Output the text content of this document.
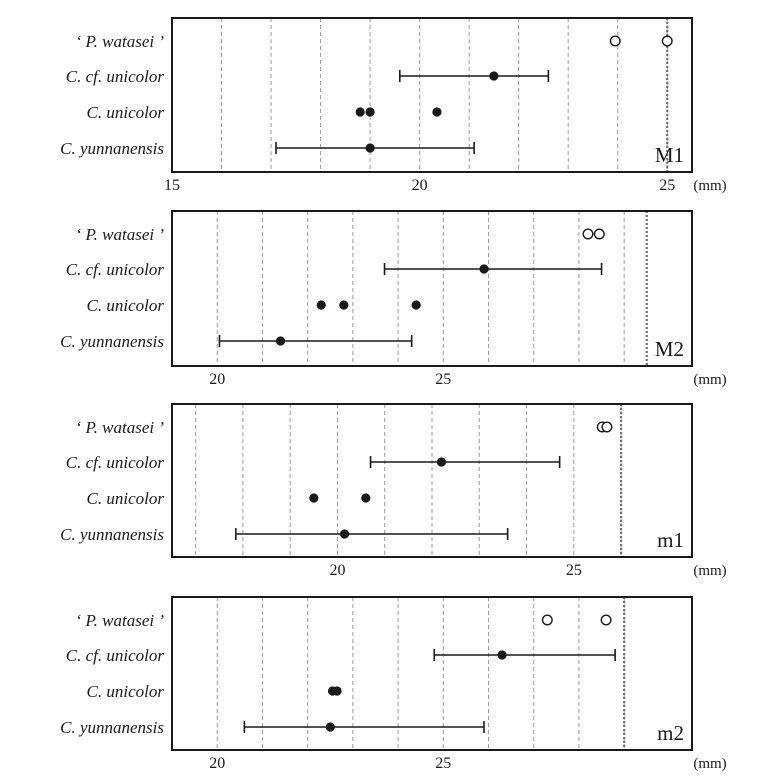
‘ P. watasei ’
C. cf. unicolor
C. unicolor
C. yunnanensis	M1
15	20	25 (mm)
‘ P. watasei ’
C. cf. unicolor
C. unicolor
C. yunnanensis	M2
20	25	(mm)
‘ P. watasei ’
C. cf. unicolor
C. unicolor
C. yunnanensis	m1
20	25	(mm)
‘ P. watasei ’
C. cf. unicolor
C. unicolor
C. yunnanensis	m2
20	25	(mm)
